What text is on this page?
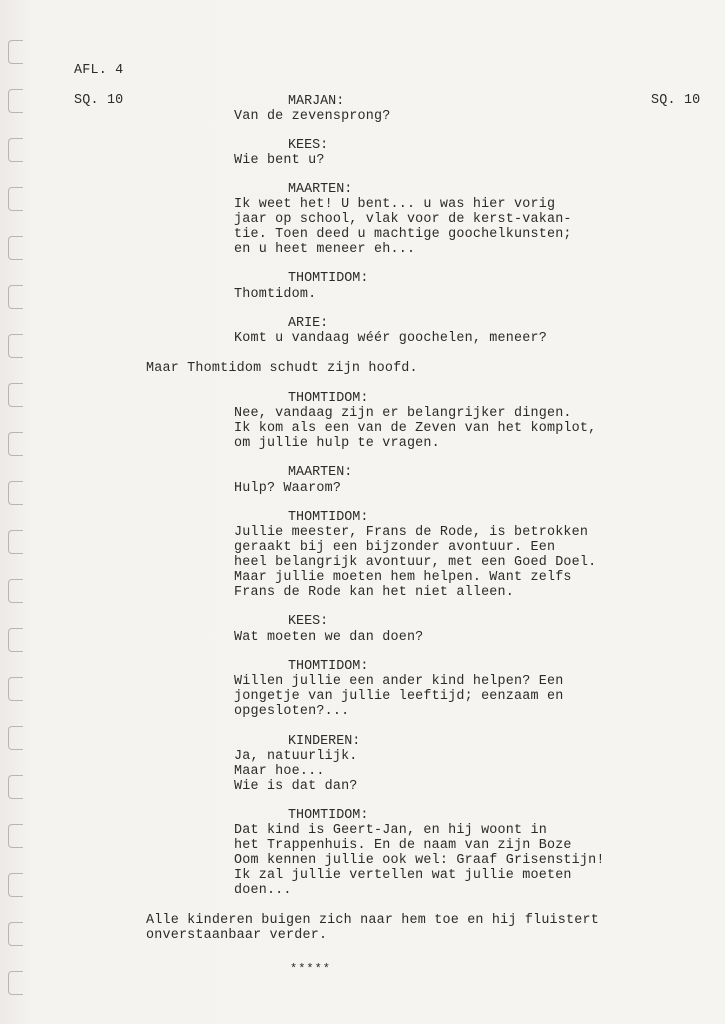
AFL. 4
SQ. 10	SQ. 10
MARJAN:
Van de zevensprong?
KEES:
Wie bent u?
MAARTEN:
Ik weet het! U bent... u was hier vorig
jaar op school, vlak voor de kerst-vakan-
tie. Toen deed u machtige goochelkunsten;
en u heet meneer eh...
THOMTIDOM:
Thomtidom.
ARIE:
Komt u vandaag wéér goochelen, meneer?
Maar Thomtidom schudt zijn hoofd.
THOMTIDOM:
Nee, vandaag zijn er belangrijker dingen.
Ik kom als een van de Zeven van het komplot,
om jullie hulp te vragen.
MAARTEN:
Hulp? Waarom?
THOMTIDOM:
Jullie meester, Frans de Rode, is betrokken
geraakt bij een bijzonder avontuur. Een
heel belangrijk avontuur, met een Goed Doel.
Maar jullie moeten hem helpen. Want zelfs
Frans de Rode kan het niet alleen.
KEES:
Wat moeten we dan doen?
THOMTIDOM:
Willen jullie een ander kind helpen? Een
jongetje van jullie leeftijd; eenzaam en
opgesloten?...
KINDEREN:
Ja, natuurlijk.
Maar hoe...
Wie is dat dan?
THOMTIDOM:
Dat kind is Geert-Jan, en hij woont in
het Trappenhuis. En de naam van zijn Boze
Oom kennen jullie ook wel: Graaf Grisenstijn!
Ik zal jullie vertellen wat jullie moeten
doen...
Alle kinderen buigen zich naar hem toe en hij fluistert
onverstaanbaar verder.
*****
